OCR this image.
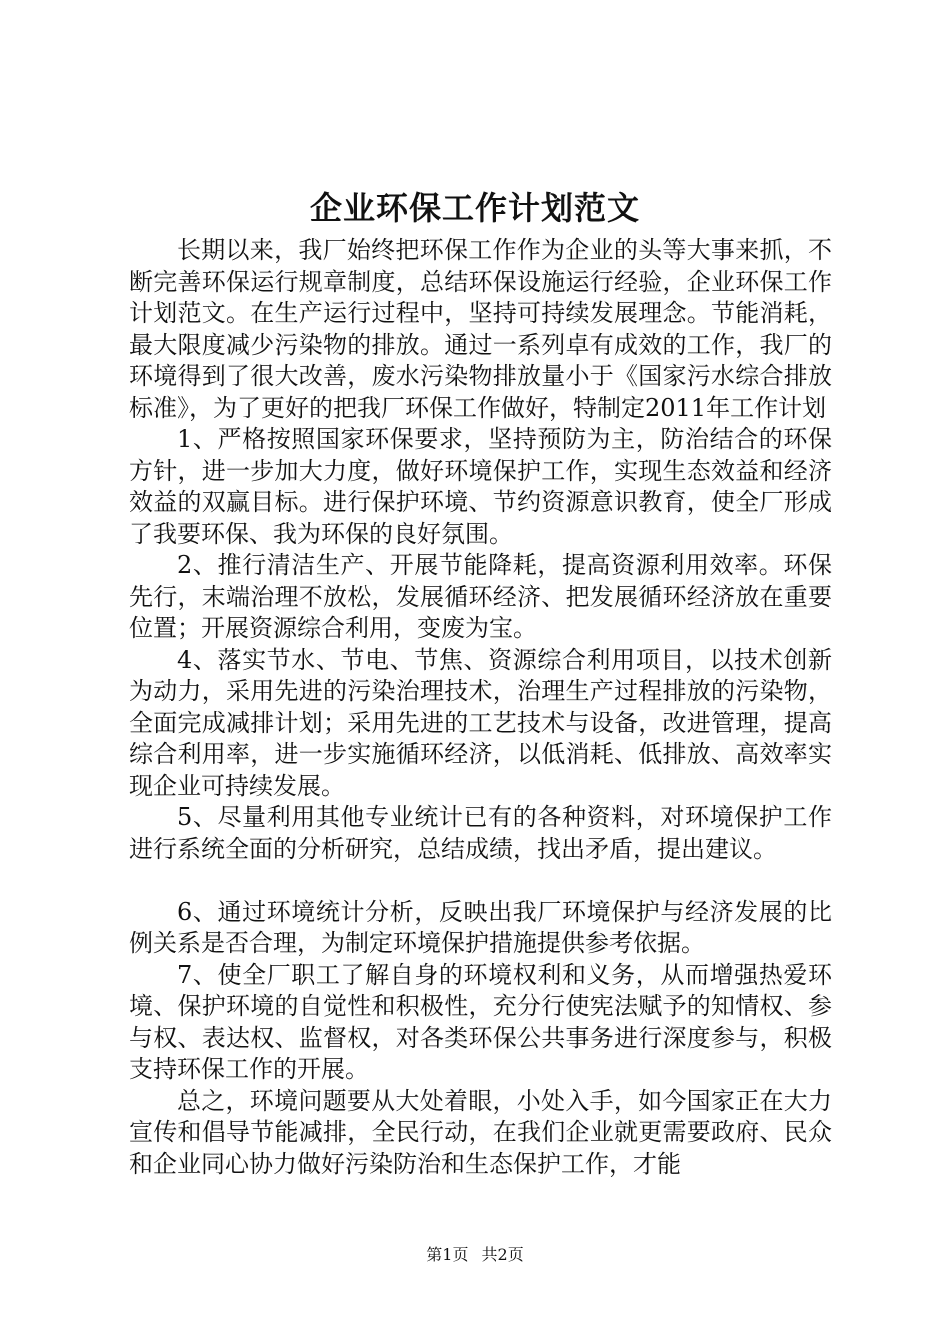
企业环保工作计划范文

长期以来，我厂始终把环保工作作为企业的头等大事来抓，不断完善环保运行规章制度，总结环保设施运行经验，企业环保工作计划范文。在生产运行过程中，坚持可持续发展理念。节能消耗，最大限度减少污染物的排放。通过一系列卓有成效的工作，我厂的环境得到了很大改善，废水污染物排放量小于《国家污水综合排放标准》，为了更好的把我厂环保工作做好，特制定2011年工作计划

1、严格按照国家环保要求，坚持预防为主，防治结合的环保方针，进一步加大力度，做好环境保护工作，实现生态效益和经济效益的双赢目标。进行保护环境、节约资源意识教育，使全厂形成了我要环保、我为环保的良好氛围。

2、推行清洁生产、开展节能降耗，提高资源利用效率。环保先行，末端治理不放松，发展循环经济、把发展循环经济放在重要位置；开展资源综合利用，变废为宝。

4、落实节水、节电、节焦、资源综合利用项目，以技术创新为动力，采用先进的污染治理技术，治理生产过程排放的污染物，全面完成减排计划；采用先进的工艺技术与设备，改进管理，提高综合利用率，进一步实施循环经济，以低消耗、低排放、高效率实现企业可持续发展。

5、尽量利用其他专业统计已有的各种资料，对环境保护工作进行系统全面的分析研究，总结成绩，找出矛盾，提出建议。

6、通过环境统计分析，反映出我厂环境保护与经济发展的比例关系是否合理，为制定环境保护措施提供参考依据。

7、使全厂职工了解自身的环境权利和义务，从而增强热爱环境、保护环境的自觉性和积极性，充分行使宪法赋予的知情权、参与权、表达权、监督权，对各类环保公共事务进行深度参与，积极支持环保工作的开展。

总之，环境问题要从大处着眼，小处入手，如今国家正在大力宣传和倡导节能减排，全民行动，在我们企业就更需要政府、民众和企业同心协力做好污染防治和生态保护工作，才能

第1页 共2页
